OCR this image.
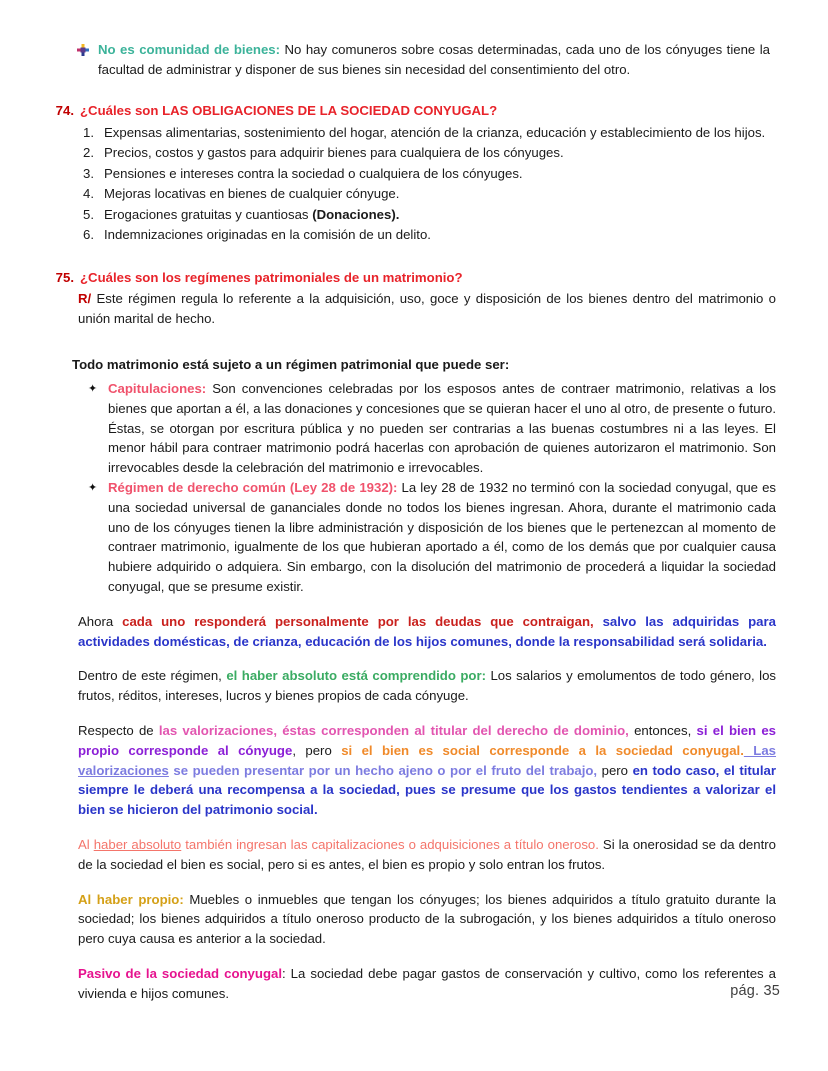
No es comunidad de bienes: No hay comuneros sobre cosas determinadas, cada uno de los cónyuges tiene la facultad de administrar y disponer de sus bienes sin necesidad del consentimiento del otro.
74. ¿Cuáles son LAS OBLIGACIONES DE LA SOCIEDAD CONYUGAL?
1. Expensas alimentarias, sostenimiento del hogar, atención de la crianza, educación y establecimiento de los hijos.
2. Precios, costos y gastos para adquirir bienes para cualquiera de los cónyuges.
3. Pensiones e intereses contra la sociedad o cualquiera de los cónyuges.
4. Mejoras locativas en bienes de cualquier cónyuge.
5. Erogaciones gratuitas y cuantiosas (Donaciones).
6. Indemnizaciones originadas en la comisión de un delito.
75. ¿Cuáles son los regímenes patrimoniales de un matrimonio?

R/ Este régimen regula lo referente a la adquisición, uso, goce y disposición de los bienes dentro del matrimonio o unión marital de hecho.

Todo matrimonio está sujeto a un régimen patrimonial que puede ser:

✦ Capitulaciones: Son convenciones celebradas por los esposos antes de contraer matrimonio, relativas a los bienes que aportan a él, a las donaciones y concesiones que se quieran hacer el uno al otro, de presente o futuro. Éstas, se otorgan por escritura pública y no pueden ser contrarias a las buenas costumbres ni a las leyes. El menor hábil para contraer matrimonio podrá hacerlas con aprobación de quienes autorizaron el matrimonio. Son irrevocables desde la celebración del matrimonio e irrevocables.
✦ Régimen de derecho común (Ley 28 de 1932): La ley 28 de 1932 no terminó con la sociedad conyugal, que es una sociedad universal de gananciales donde no todos los bienes ingresan. Ahora, durante el matrimonio cada uno de los cónyuges tienen la libre administración y disposición de los bienes que le pertenezcan al momento de contraer matrimonio, igualmente de los que hubieran aportado a él, como de los demás que por cualquier causa hubiere adquirido o adquiera. Sin embargo, con la disolución del matrimonio de procederá a liquidar la sociedad conyugal, que se presume existir.

Ahora cada uno responderá personalmente por las deudas que contraigan, salvo las adquiridas para actividades domésticas, de crianza, educación de los hijos comunes, donde la responsabilidad será solidaria.

Dentro de este régimen, el haber absoluto está comprendido por: Los salarios y emolumentos de todo género, los frutos, réditos, intereses, lucros y bienes propios de cada cónyuge.

Respecto de las valorizaciones, éstas corresponden al titular del derecho de dominio, entonces, si el bien es propio corresponde al cónyuge, pero si el bien es social corresponde a la sociedad conyugal. Las valorizaciones se pueden presentar por un hecho ajeno o por el fruto del trabajo, pero en todo caso, el titular siempre le deberá una recompensa a la sociedad, pues se presume que los gastos tendientes a valorizar el bien se hicieron del patrimonio social.

Al haber absoluto también ingresan las capitalizaciones o adquisiciones a título oneroso. Si la onerosidad se da dentro de la sociedad el bien es social, pero si es antes, el bien es propio y solo entran los frutos.

Al haber propio: Muebles o inmuebles que tengan los cónyuges; los bienes adquiridos a título gratuito durante la sociedad; los bienes adquiridos a título oneroso producto de la subrogación, y los bienes adquiridos a título oneroso pero cuya causa es anterior a la sociedad.

Pasivo de la sociedad conyugal: La sociedad debe pagar gastos de conservación y cultivo, como los referentes a vivienda e hijos comunes.	pág. 35
